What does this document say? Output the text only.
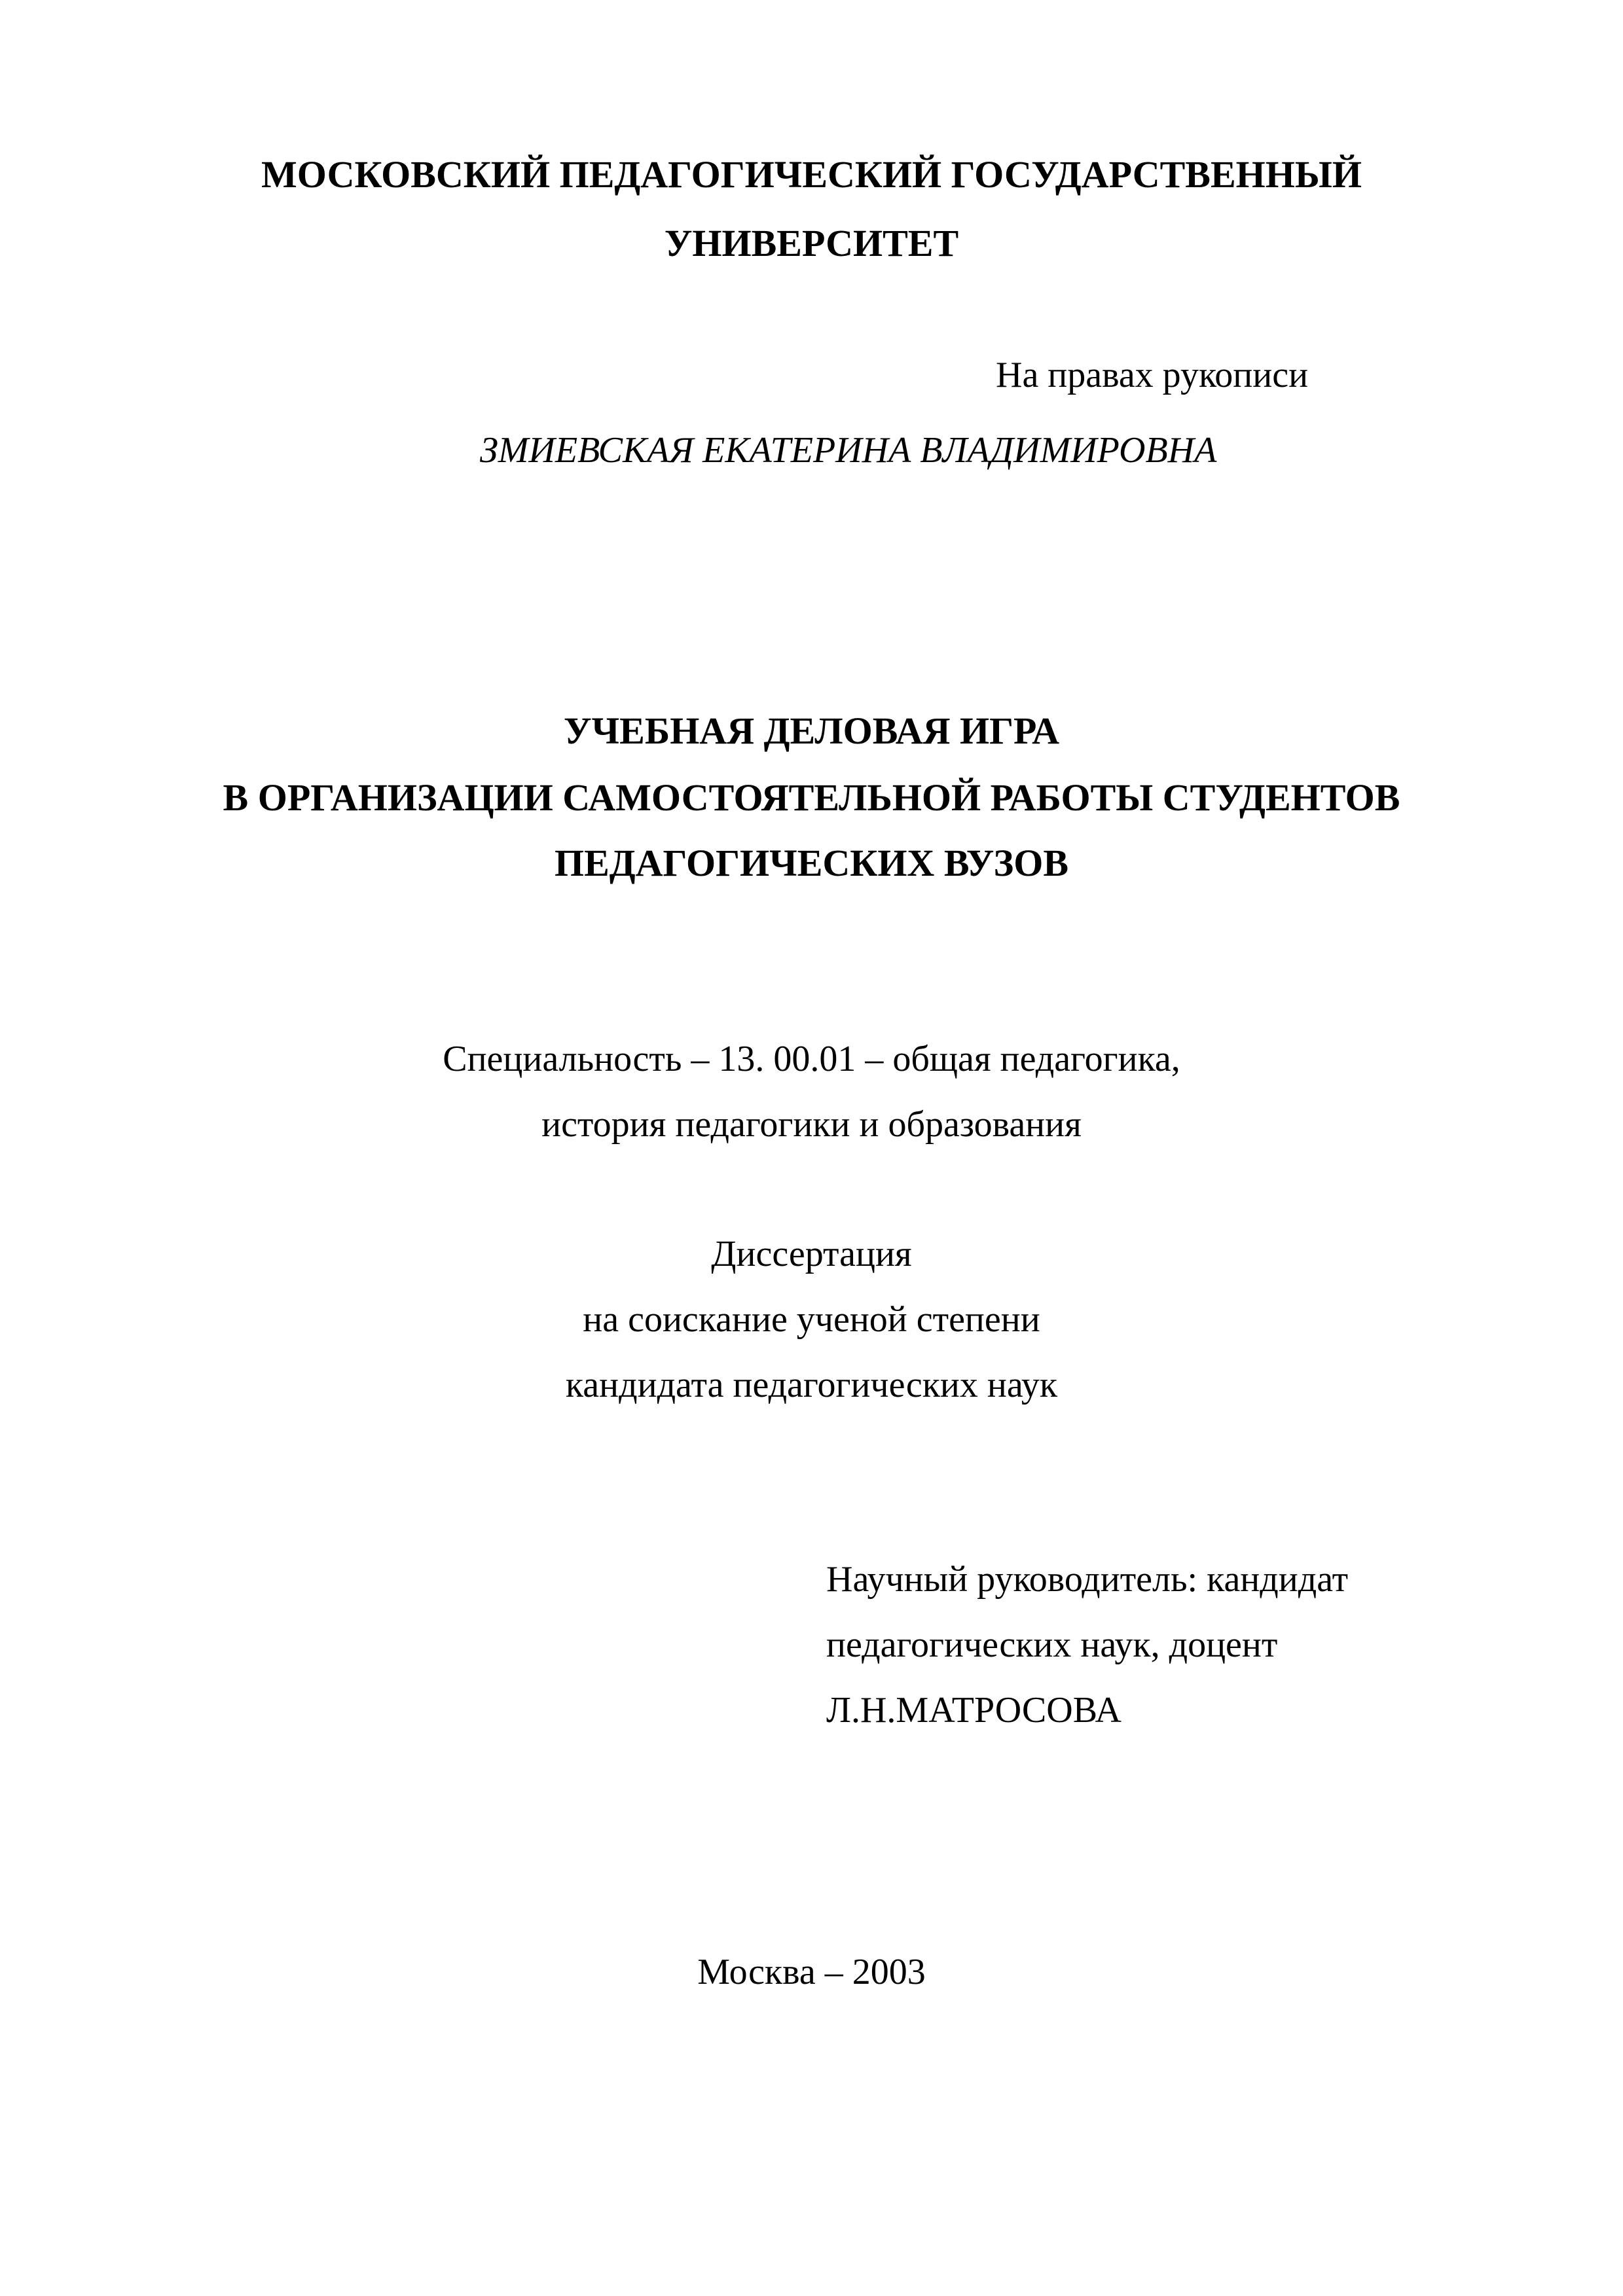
МОСКОВСКИЙ ПЕДАГОГИЧЕСКИЙ ГОСУДАРСТВЕННЫЙ
УНИВЕРСИТЕТ
На правах рукописи
ЗМИЕВСКАЯ ЕКАТЕРИНА ВЛАДИМИРОВНА
УЧЕБНАЯ ДЕЛОВАЯ ИГРА
В ОРГАНИЗАЦИИ САМОСТОЯТЕЛЬНОЙ РАБОТЫ СТУДЕНТОВ
ПЕДАГОГИЧЕСКИХ ВУЗОВ
Специальность – 13. 00.01 – общая педагогика,
история педагогики и образования
Диссертация
на соискание ученой степени
кандидата педагогических наук
Научный руководитель: кандидат
педагогических наук, доцент
Л.Н.МАТРОСОВА
Москва – 2003
